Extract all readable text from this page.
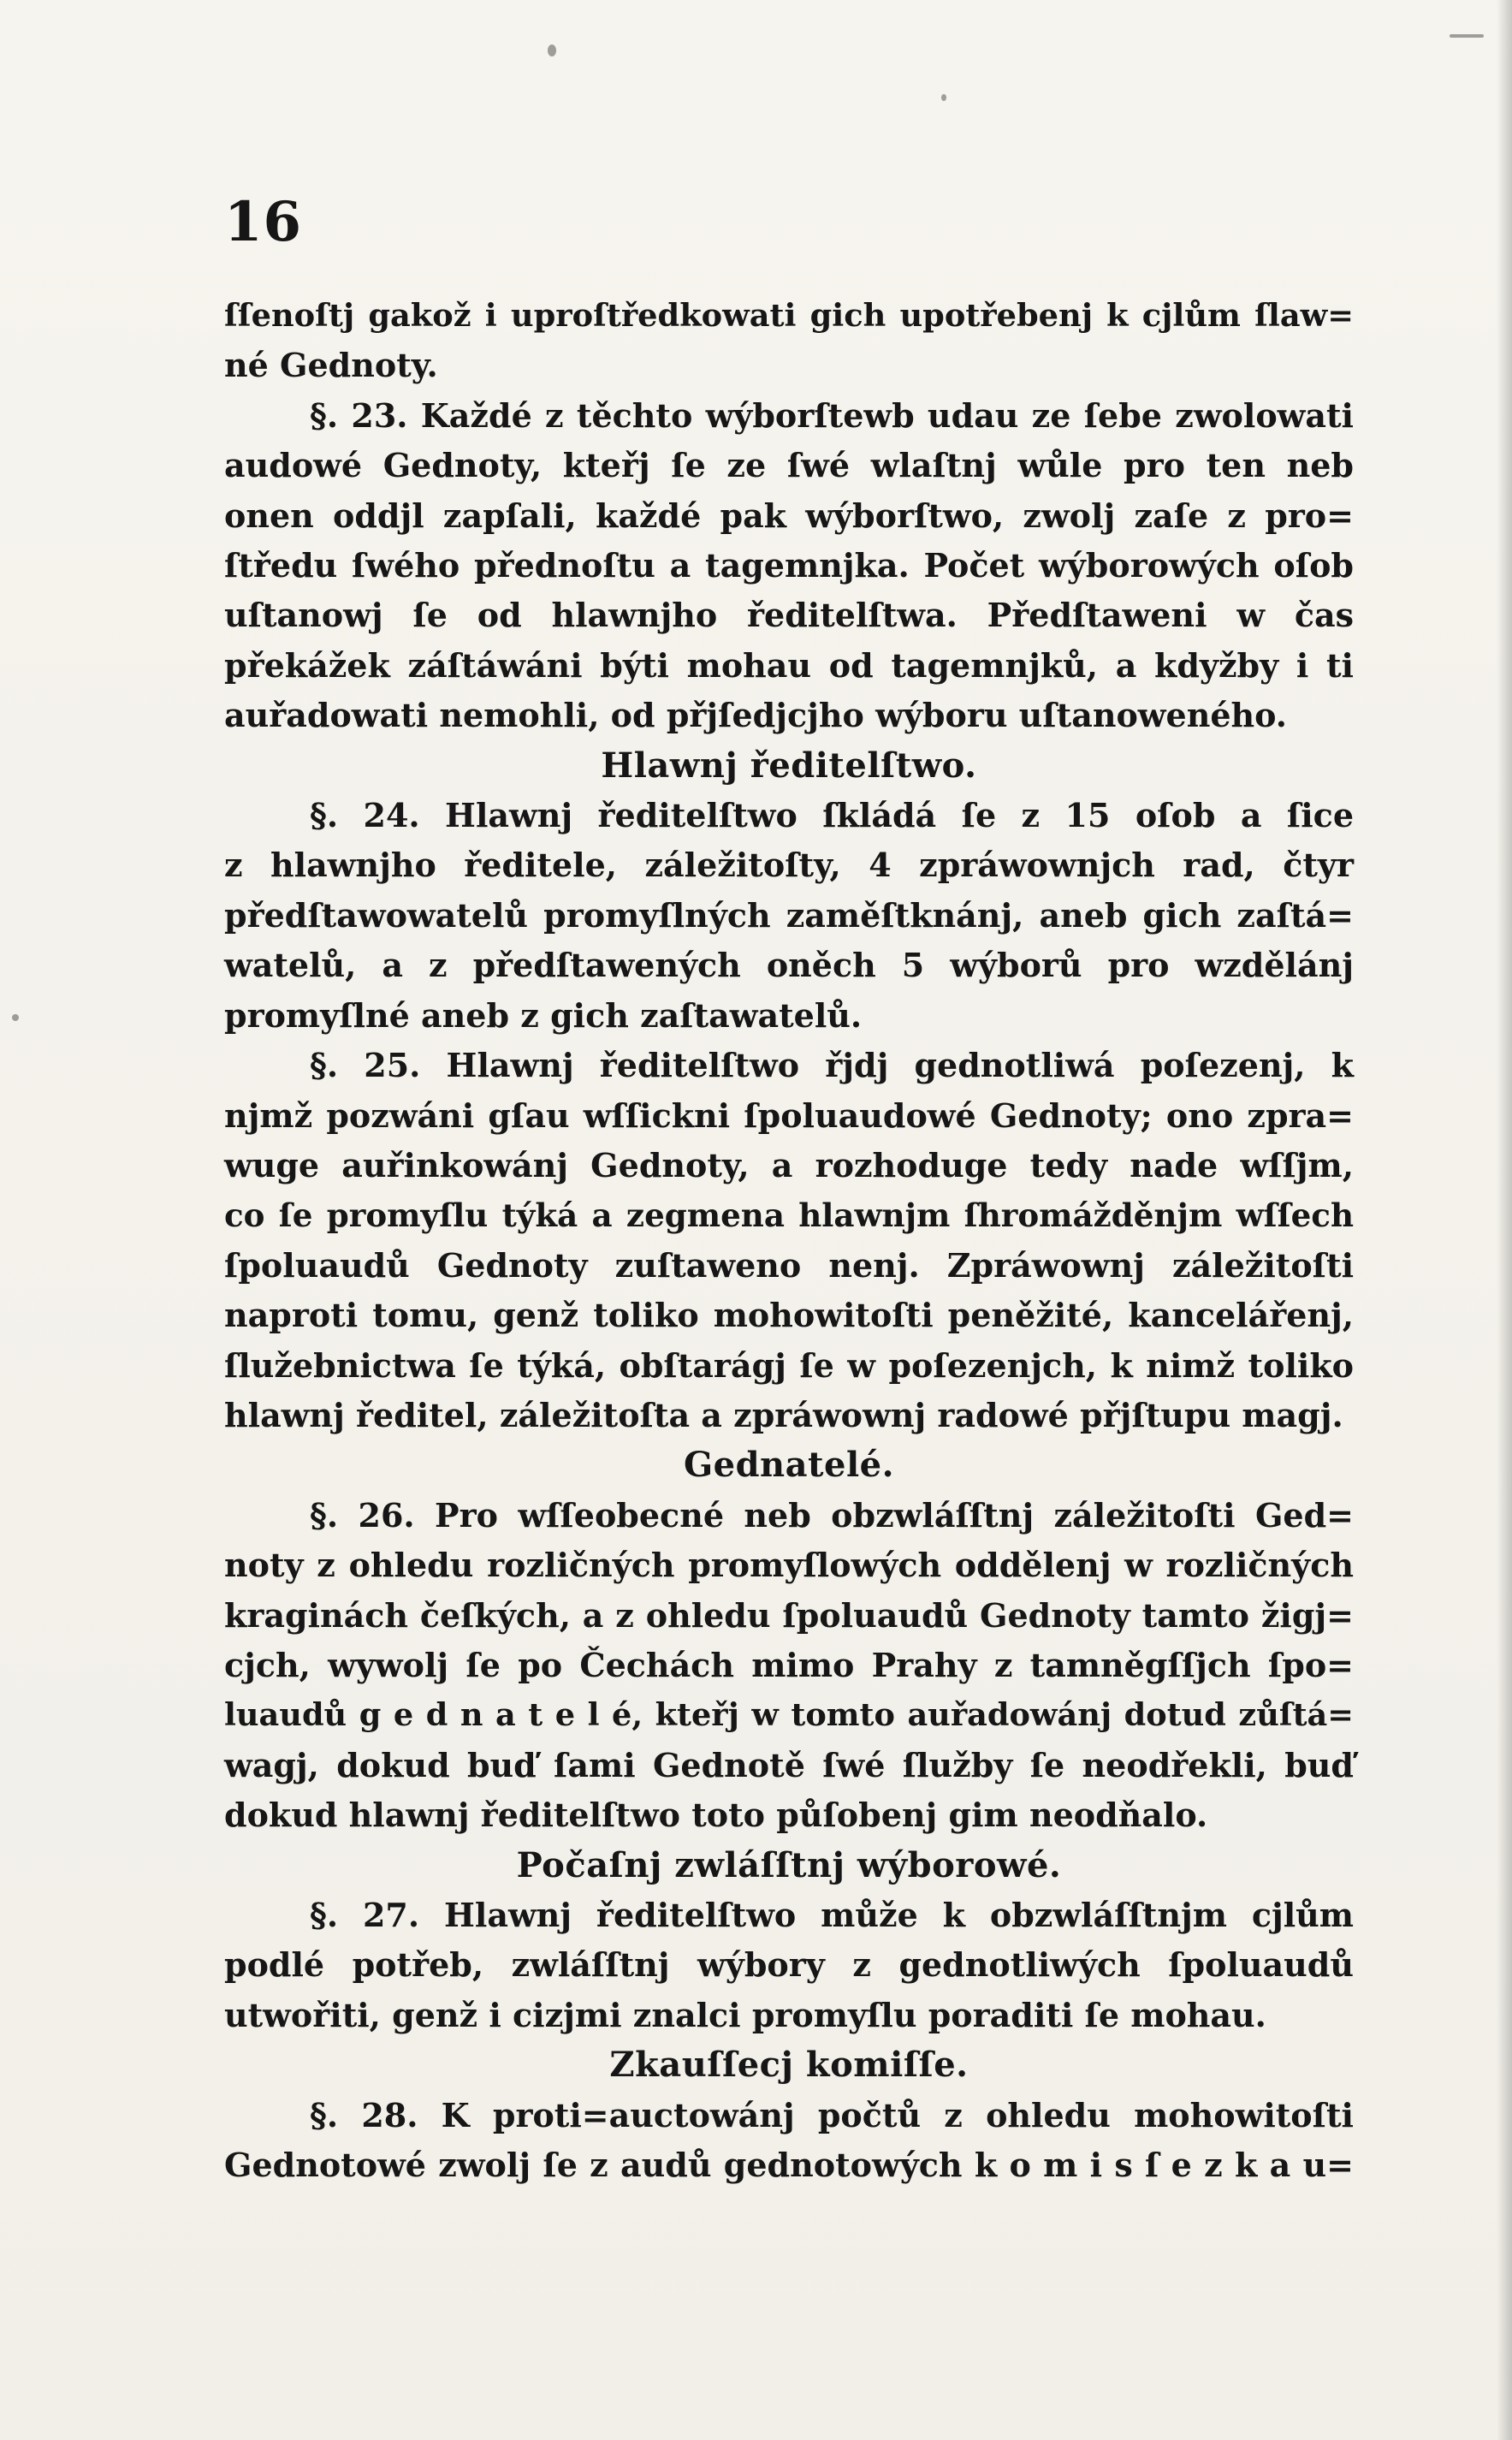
16
ſſenoſtj gakož i uproſtředkowati gich upotřebenj k cjlům ſlaw=
né Gednoty.
§. 23. Každé z těchto wýborſtewb udau ze ſebe zwolowati
audowé Gednoty, kteřj ſe ze ſwé wlaſtnj wůle pro ten neb
onen oddjl zapſali, každé pak wýborſtwo, zwolj zaſe z pro=
ſtředu ſwého přednoſtu a tagemnjka. Počet wýborowých oſob
uſtanowj ſe od hlawnjho ředitelſtwa. Předſtaweni w čas
překážek záſtáwáni býti mohau od tagemnjků, a kdyžby i ti
auřadowati nemohli, od přjſedjcjho wýboru uſtanoweného.
Hlawnj ředitelſtwo.
§. 24. Hlawnj ředitelſtwo ſkládá ſe z 15 oſob a ſice
z hlawnjho ředitele, záležitoſty, 4 zpráwownjch rad, čtyr
předſtawowatelů promyſlných zaměſtknánj, aneb gich zaſtá=
watelů, a z předſtawených oněch 5 wýborů pro wzdělánj
promyſlné aneb z gich zaſtawatelů.
§. 25. Hlawnj ředitelſtwo řjdj gednotliwá poſezenj, k
njmž pozwáni gſau wſſickni ſpoluaudowé Gednoty; ono zpra=
wuge auřinkowánj Gednoty, a rozhoduge tedy nade wſſjm,
co ſe promyſlu týká a zegmena hlawnjm ſhromážděnjm wſſech
ſpoluaudů Gednoty zuſtaweno nenj. Zpráwownj záležitoſti
naproti tomu, genž toliko mohowitoſti peněžité, kancelářenj,
ſlužebnictwa ſe týká, obſtarágj ſe w poſezenjch, k nimž toliko
hlawnj ředitel, záležitoſta a zpráwownj radowé přjſtupu magj.
Gednatelé.
§. 26. Pro wſſeobecné neb obzwláſſtnj záležitoſti Ged=
noty z ohledu rozličných promyſlowých oddělenj w rozličných
kraginách čeſkých, a z ohledu ſpoluaudů Gednoty tamto žigj=
cjch, wywolj ſe po Čechách mimo Prahy z tamněgſſjch ſpo=
luaudů g e d n a t e l é, kteřj w tomto auřadowánj dotud zůſtá=
wagj, dokud buď ſami Gednotě ſwé ſlužby ſe neodřekli, buď
dokud hlawnj ředitelſtwo toto půſobenj gim neodňalo.
Počaſnj zwláſſtnj wýborowé.
§. 27. Hlawnj ředitelſtwo může k obzwláſſtnjm cjlům
podlé potřeb, zwláſſtnj wýbory z gednotliwých ſpoluaudů
utwořiti, genž i cizjmi znalci promyſlu poraditi ſe mohau.
Zkauſſecj komiſſe.
§. 28. K proti=auctowánj počtů z ohledu mohowitoſti
Gednotowé zwolj ſe z audů gednotowých k o m i s ſ e z k a u=
